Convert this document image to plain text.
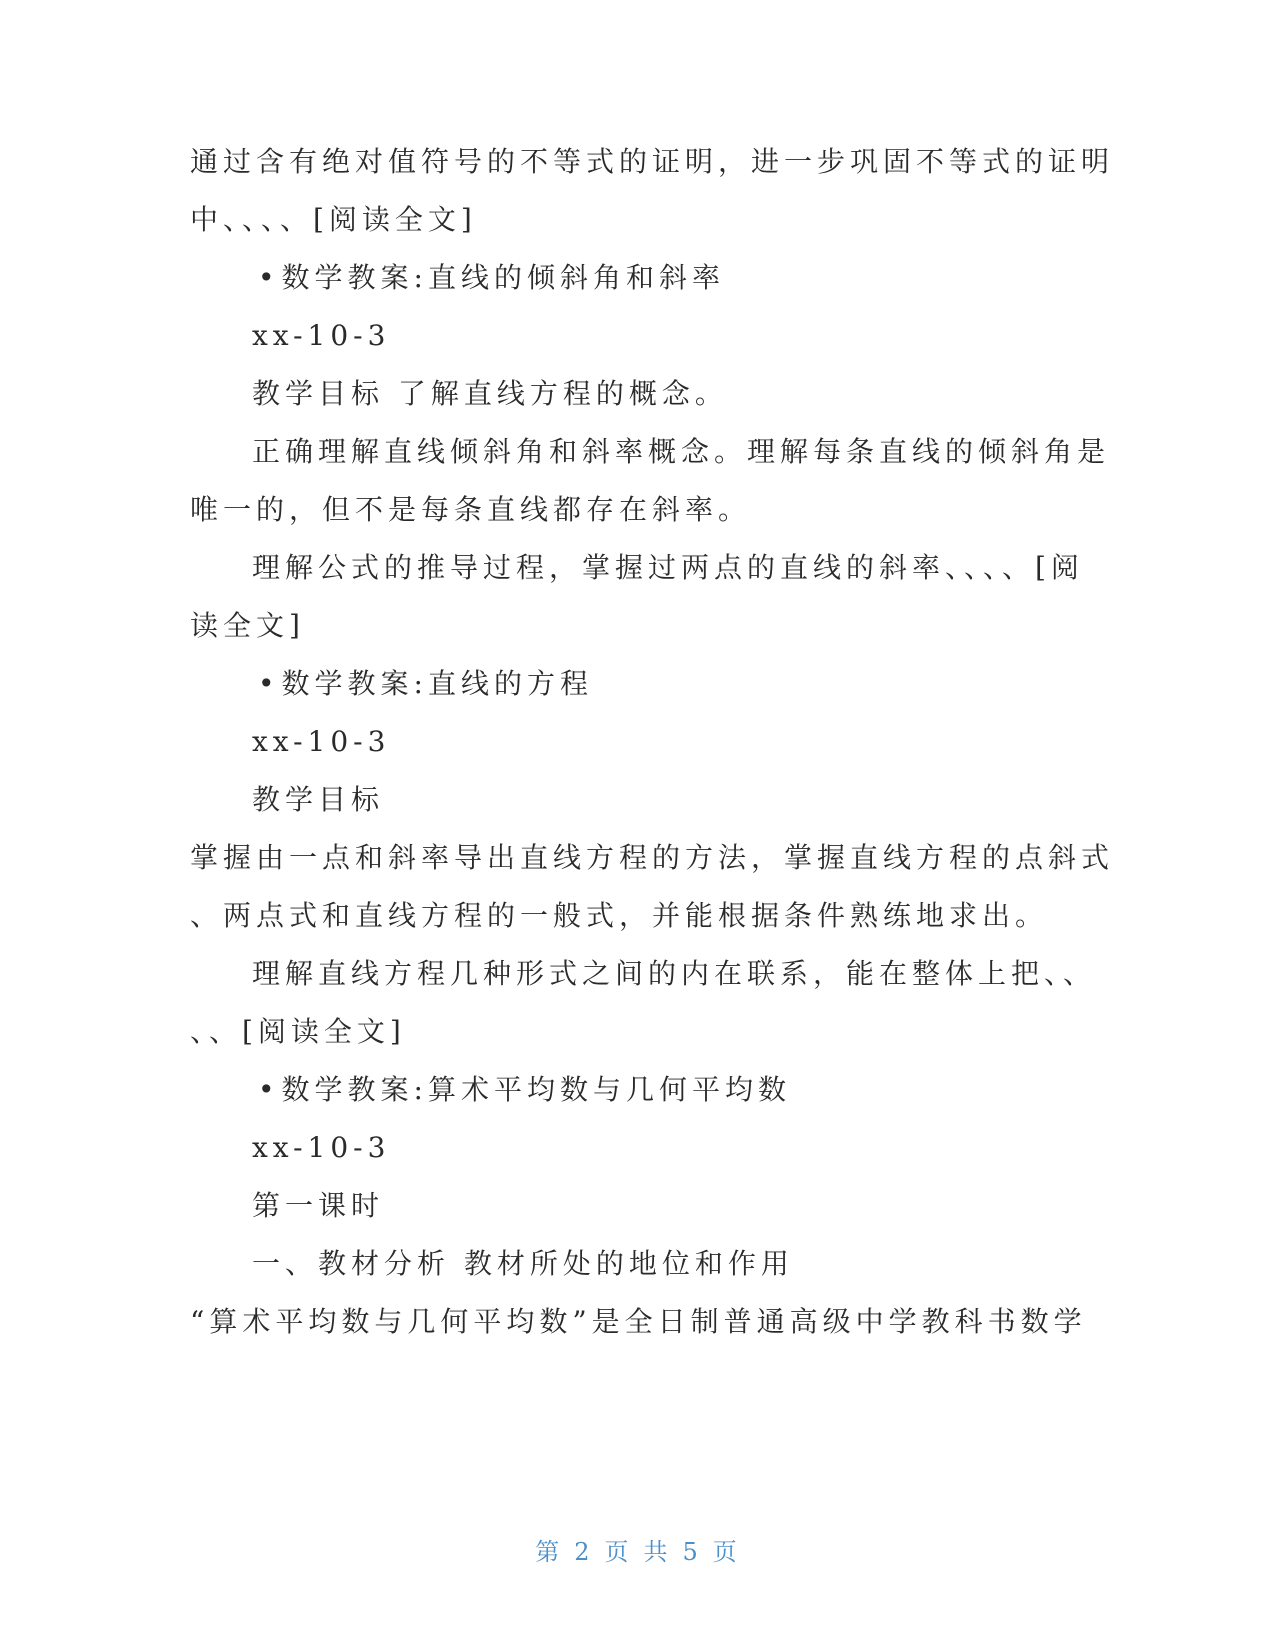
通过含有绝对值符号的不等式的证明，进一步巩固不等式的证明
中、、、、[阅读全文]
•数学教案:直线的倾斜角和斜率
xx-10-3
教学目标 了解直线方程的概念。
正确理解直线倾斜角和斜率概念。理解每条直线的倾斜角是
唯一的，但不是每条直线都存在斜率。
理解公式的推导过程，掌握过两点的直线的斜率、、、、[阅
读全文]
•数学教案:直线的方程
xx-10-3
教学目标
掌握由一点和斜率导出直线方程的方法，掌握直线方程的点斜式
、两点式和直线方程的一般式，并能根据条件熟练地求出。
理解直线方程几种形式之间的内在联系，能在整体上把、、
、、[阅读全文]
•数学教案:算术平均数与几何平均数
xx-10-3
第一课时
一、教材分析 教材所处的地位和作用
“算术平均数与几何平均数”是全日制普通高级中学教科书数学
第 2 页 共 5 页
